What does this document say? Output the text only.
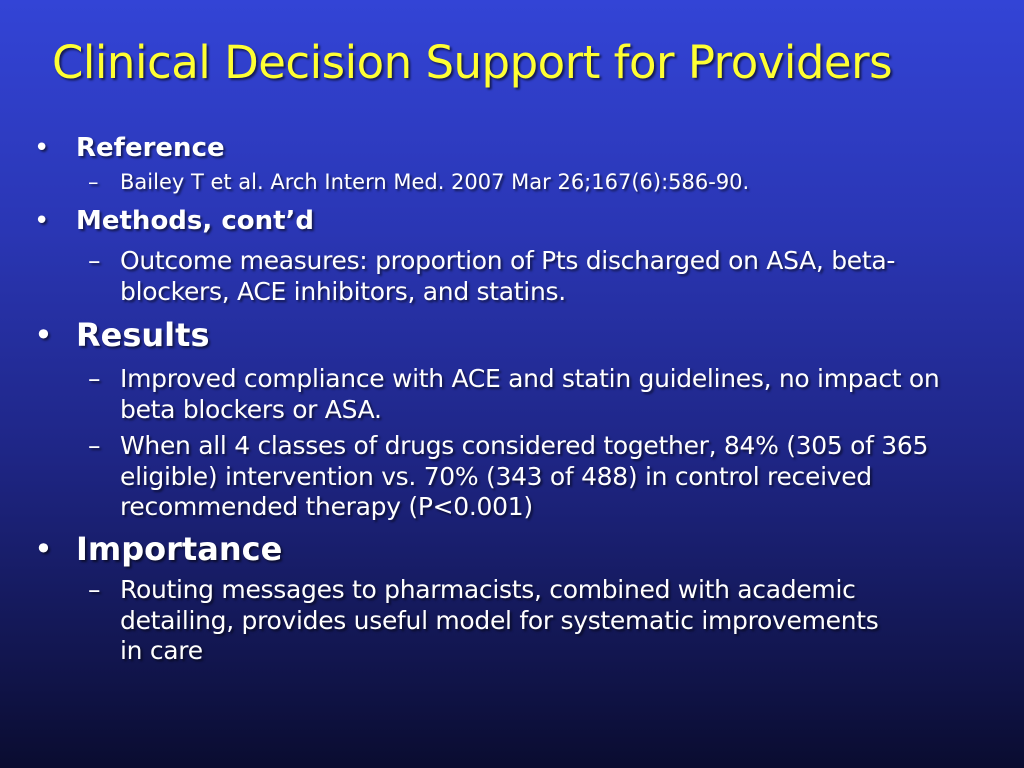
Clinical Decision Support for Providers
• Reference
– Bailey T et al. Arch Intern Med. 2007 Mar 26;167(6):586-90.
• Methods, cont’d
– Outcome measures: proportion of Pts discharged on ASA, beta-blockers, ACE inhibitors, and statins.
• Results
– Improved compliance with ACE and statin guidelines, no impact on beta blockers or ASA.
– When all 4 classes of drugs considered together, 84% (305 of 365 eligible) intervention vs. 70% (343 of 488) in control received recommended therapy (P<0.001)
• Importance
– Routing messages to pharmacists, combined with academic detailing, provides useful model for systematic improvements in care
